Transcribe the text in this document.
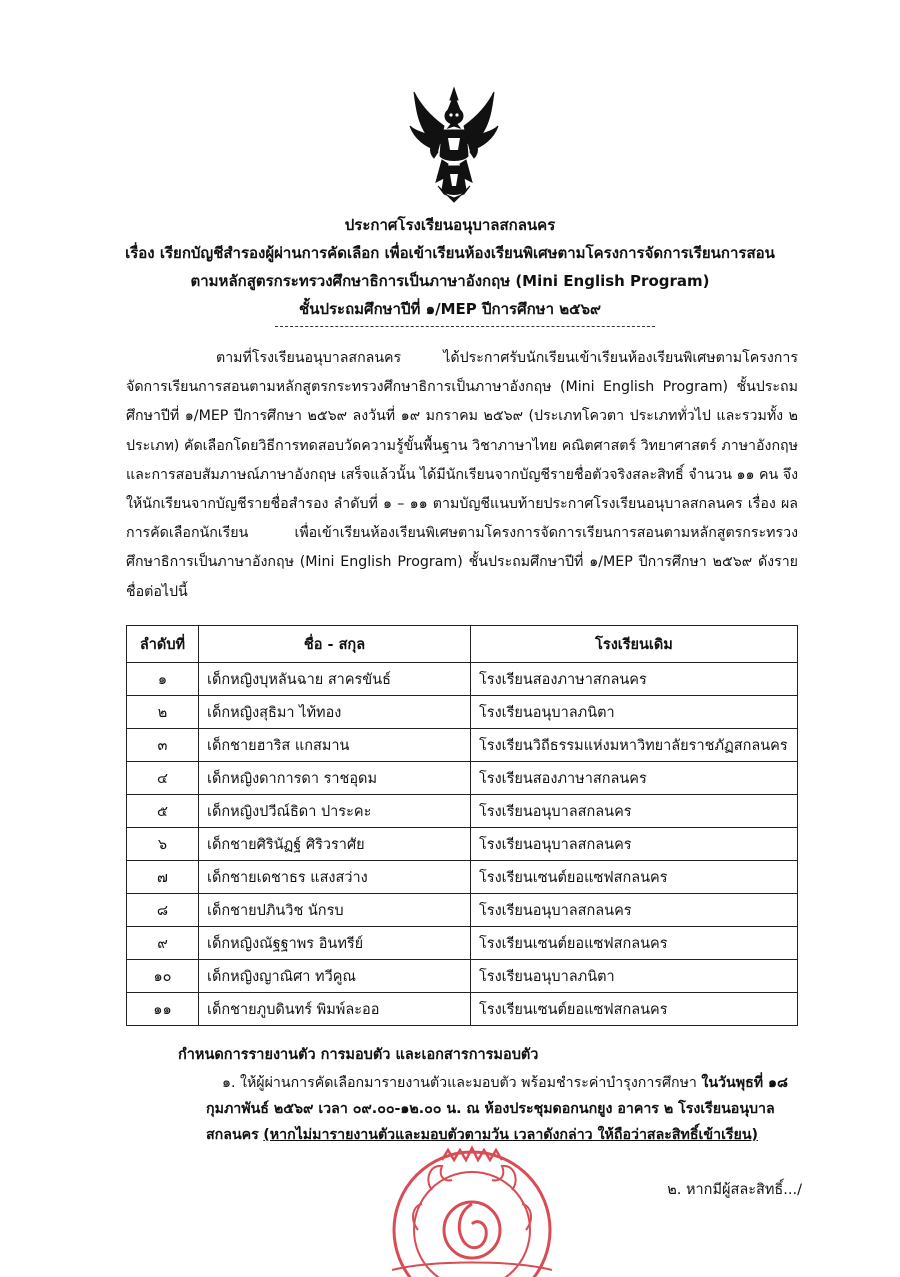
ประกาศโรงเรียนอนุบาลสกลนคร
เรื่อง เรียกบัญชีสำรองผู้ผ่านการคัดเลือก เพื่อเข้าเรียนห้องเรียนพิเศษตามโครงการจัดการเรียนการสอน
ตามหลักสูตรกระทรวงศึกษาธิการเป็นภาษาอังกฤษ (Mini English Program)
ชั้นประถมศึกษาปีที่ ๑/MEP ปีการศึกษา ๒๕๖๙
ตามที่โรงเรียนอนุบาลสกลนคร ได้ประกาศรับนักเรียนเข้าเรียนห้องเรียนพิเศษตามโครงการจัดการเรียนการสอนตามหลักสูตรกระทรวงศึกษาธิการเป็นภาษาอังกฤษ (Mini English Program) ชั้นประถมศึกษาปีที่ ๑/MEP ปีการศึกษา ๒๕๖๙ ลงวันที่ ๑๙ มกราคม ๒๕๖๙ (ประเภทโควตา ประเภททั่วไป และรวมทั้ง ๒ ประเภท) คัดเลือกโดยวิธีการทดสอบวัดความรู้ขั้นพื้นฐาน วิชาภาษาไทย คณิตศาสตร์ วิทยาศาสตร์ ภาษาอังกฤษ และการสอบสัมภาษณ์ภาษาอังกฤษ เสร็จแล้วนั้น ได้มีนักเรียนจากบัญชีรายชื่อตัวจริงสละสิทธิ์ จำนวน ๑๑ คน จึงให้นักเรียนจากบัญชีรายชื่อสำรอง ลำดับที่ ๑ – ๑๑ ตามบัญชีแนบท้ายประกาศโรงเรียนอนุบาลสกลนคร เรื่อง ผลการคัดเลือกนักเรียน เพื่อเข้าเรียนห้องเรียนพิเศษตามโครงการจัดการเรียนการสอนตามหลักสูตรกระทรวงศึกษาธิการเป็นภาษาอังกฤษ (Mini English Program) ชั้นประถมศึกษาปีที่ ๑/MEP ปีการศึกษา ๒๕๖๙ ดังรายชื่อต่อไปนี้
ลำดับที่	ชื่อ - สกุล	โรงเรียนเดิม
๑	เด็กหญิงบุหลันฉาย สาครขันธ์	โรงเรียนสองภาษาสกลนคร
๒	เด็กหญิงสุธิมา ไท้ทอง	โรงเรียนอนุบาลภนิตา
๓	เด็กชายฮาริส แกสมาน	โรงเรียนวิถีธรรมแห่งมหาวิทยาลัยราชภัฏสกลนคร
๔	เด็กหญิงดาการดา ราชอุดม	โรงเรียนสองภาษาสกลนคร
๕	เด็กหญิงปวีณ์ธิดา ปาระคะ	โรงเรียนอนุบาลสกลนคร
๖	เด็กชายศิรินัฏฐ์ ศิริวราศัย	โรงเรียนอนุบาลสกลนคร
๗	เด็กชายเดชาธร แสงสว่าง	โรงเรียนเซนต์ยอแซฟสกลนคร
๘	เด็กชายปภินวิช นักรบ	โรงเรียนอนุบาลสกลนคร
๙	เด็กหญิงณัฐฐาพร อินทรีย์	โรงเรียนเซนต์ยอแซฟสกลนคร
๑๐	เด็กหญิงญาณิศา ทวีคูณ	โรงเรียนอนุบาลภนิตา
๑๑	เด็กชายภูบดินทร์ พิมพ์ละออ	โรงเรียนเซนต์ยอแซฟสกลนคร
กำหนดการรายงานตัว การมอบตัว และเอกสารการมอบตัว
๑. ให้ผู้ผ่านการคัดเลือกมารายงานตัวและมอบตัว พร้อมชำระค่าบำรุงการศึกษา ในวันพุธที่ ๑๘ กุมภาพันธ์ ๒๕๖๙ เวลา ๐๙.๐๐-๑๒.๐๐ น. ณ ห้องประชุมดอกนกยูง อาคาร ๒ โรงเรียนอนุบาลสกลนคร (หากไม่มารายงานตัวและมอบตัวตามวัน เวลาดังกล่าว ให้ถือว่าสละสิทธิ์เข้าเรียน)
๒. หากมีผู้สละสิทธิ์.../
